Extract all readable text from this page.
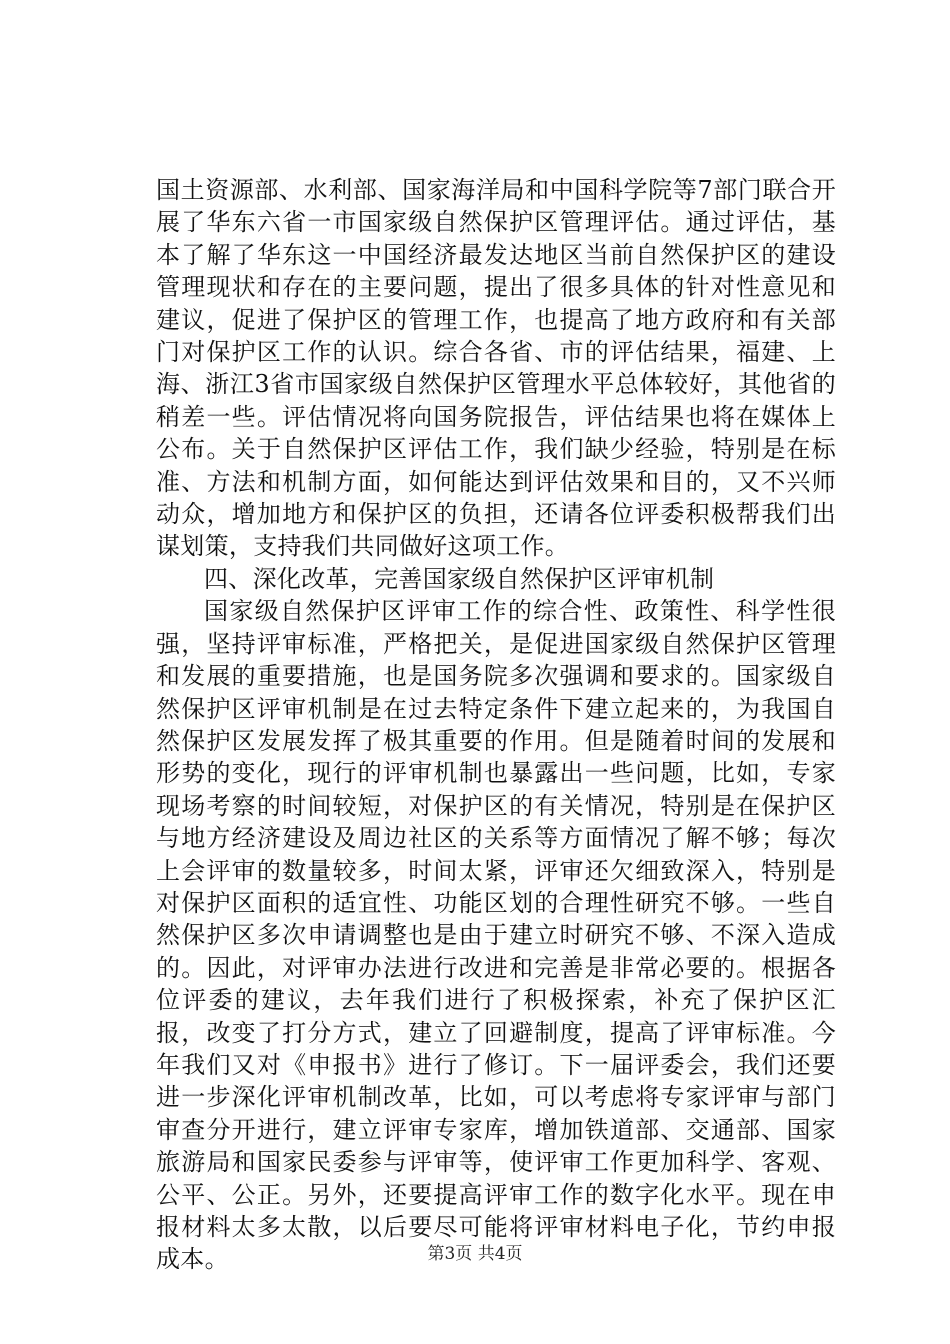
国土资源部、水利部、国家海洋局和中国科学院等7部门联合开展了华东六省一市国家级自然保护区管理评估。通过评估，基本了解了华东这一中国经济最发达地区当前自然保护区的建设管理现状和存在的主要问题，提出了很多具体的针对性意见和建议，促进了保护区的管理工作，也提高了地方政府和有关部门对保护区工作的认识。综合各省、市的评估结果，福建、上海、浙江3省市国家级自然保护区管理水平总体较好，其他省的稍差一些。评估情况将向国务院报告，评估结果也将在媒体上公布。关于自然保护区评估工作，我们缺少经验，特别是在标准、方法和机制方面，如何能达到评估效果和目的，又不兴师动众，增加地方和保护区的负担，还请各位评委积极帮我们出谋划策，支持我们共同做好这项工作。

四、深化改革，完善国家级自然保护区评审机制

国家级自然保护区评审工作的综合性、政策性、科学性很强，坚持评审标准，严格把关，是促进国家级自然保护区管理和发展的重要措施，也是国务院多次强调和要求的。国家级自然保护区评审机制是在过去特定条件下建立起来的，为我国自然保护区发展发挥了极其重要的作用。但是随着时间的发展和形势的变化，现行的评审机制也暴露出一些问题，比如，专家现场考察的时间较短，对保护区的有关情况，特别是在保护区与地方经济建设及周边社区的关系等方面情况了解不够；每次上会评审的数量较多，时间太紧，评审还欠细致深入，特别是对保护区面积的适宜性、功能区划的合理性研究不够。一些自然保护区多次申请调整也是由于建立时研究不够、不深入造成的。因此，对评审办法进行改进和完善是非常必要的。根据各位评委的建议，去年我们进行了积极探索，补充了保护区汇报，改变了打分方式，建立了回避制度，提高了评审标准。今年我们又对《申报书》进行了修订。下一届评委会，我们还要进一步深化评审机制改革，比如，可以考虑将专家评审与部门审查分开进行，建立评审专家库，增加铁道部、交通部、国家旅游局和国家民委参与评审等，使评审工作更加科学、客观、公平、公正。另外，还要提高评审工作的数字化水平。现在申报材料太多太散，以后要尽可能将评审材料电子化，节约申报成本。	第3页 共4页
